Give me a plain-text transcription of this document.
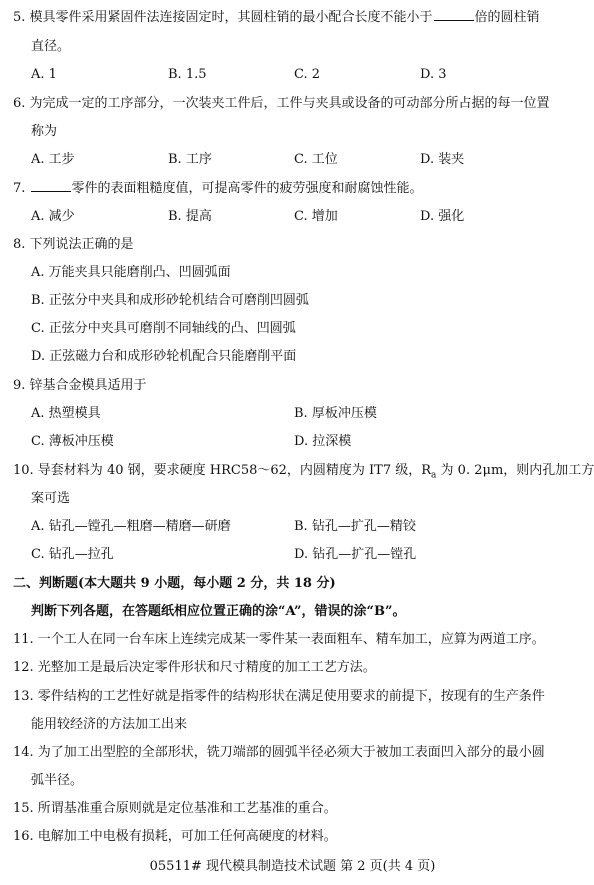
5. 模具零件采用紧固件法连接固定时，其圆柱销的最小配合长度不能小于	倍的圆柱销
直径。
A. 1	B. 1.5	C. 2	D. 3
6. 为完成一定的工序部分，一次装夹工件后，工件与夹具或设备的可动部分所占据的每一位置
称为
A. 工步	B. 工序	C. 工位	D. 装夹
7.	零件的表面粗糙度值，可提高零件的疲劳强度和耐腐蚀性能。
A. 减少	B. 提高	C. 增加	D. 强化
8. 下列说法正确的是
A. 万能夹具只能磨削凸、凹圆弧面
B. 正弦分中夹具和成形砂轮机结合可磨削凹圆弧
C. 正弦分中夹具可磨削不同轴线的凸、凹圆弧
D. 正弦磁力台和成形砂轮机配合只能磨削平面
9. 锌基合金模具适用于
A. 热塑模具	B. 厚板冲压模
C. 薄板冲压模	D. 拉深模
10. 导套材料为 40 钢，要求硬度 HRC58～62，内圆精度为 IT7 级，$R_a$ 为 0. 2μm，则内孔加工方
案可选
A. 钻孔—镗孔—粗磨—精磨—研磨	B. 钻孔—扩孔—精铰
C. 钻孔—拉孔	D. 钻孔—扩孔—镗孔
二、判断题(本大题共 9 小题，每小题 2 分，共 18 分)
判断下列各题，在答题纸相应位置正确的涂“A”，错误的涂“B”。
11. 一个工人在同一台车床上连续完成某一零件某一表面粗车、精车加工，应算为两道工序。
12. 光整加工是最后决定零件形状和尺寸精度的加工工艺方法。
13. 零件结构的工艺性好就是指零件的结构形状在满足使用要求的前提下，按现有的生产条件
能用较经济的方法加工出来
14. 为了加工出型腔的全部形状，铣刀端部的圆弧半径必须大于被加工表面凹入部分的最小圆
弧半径。
15. 所谓基准重合原则就是定位基准和工艺基准的重合。
16. 电解加工中电极有损耗，可加工任何高硬度的材料。
05511# 现代模具制造技术试题 第 2 页(共 4 页)
